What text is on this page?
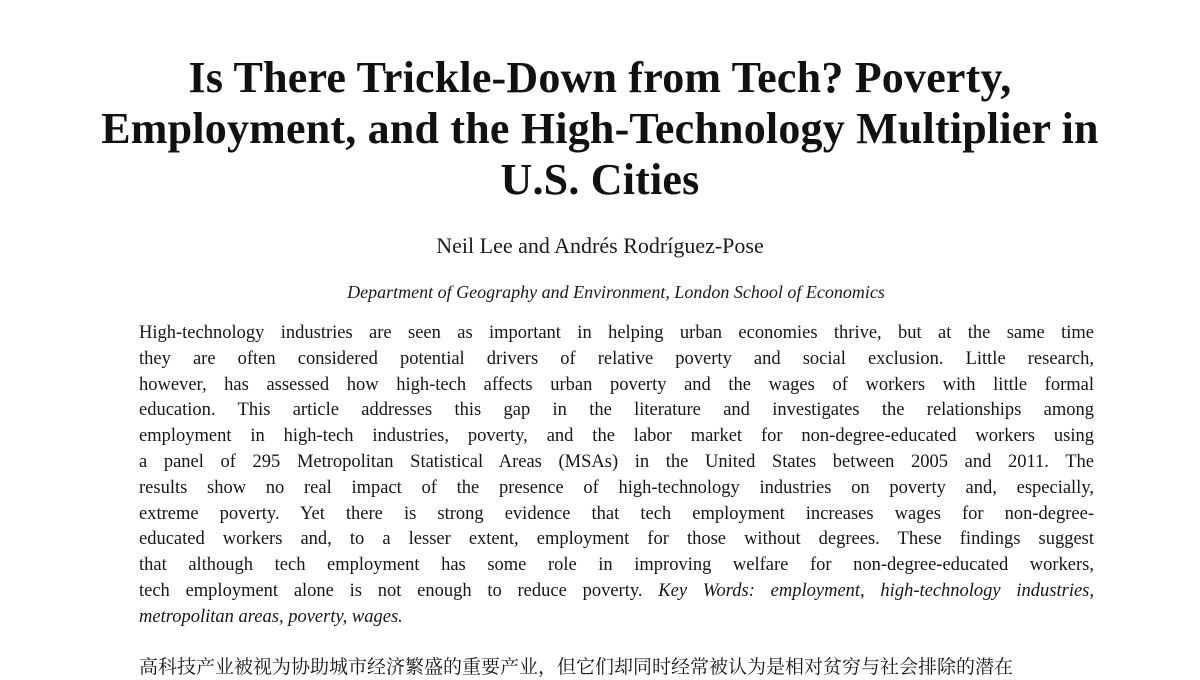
Is There Trickle-Down from Tech? Poverty,
Employment, and the High-Technology Multiplier in
U.S. Cities
Neil Lee and Andrés Rodríguez-Pose
Department of Geography and Environment, London School of Economics
High-technology industries are seen as important in helping urban economies thrive, but at the same time
they are often considered potential drivers of relative poverty and social exclusion. Little research,
however, has assessed how high-tech affects urban poverty and the wages of workers with little formal
education. This article addresses this gap in the literature and investigates the relationships among
employment in high-tech industries, poverty, and the labor market for non-degree-educated workers using
a panel of 295 Metropolitan Statistical Areas (MSAs) in the United States between 2005 and 2011. The
results show no real impact of the presence of high-technology industries on poverty and, especially,
extreme poverty. Yet there is strong evidence that tech employment increases wages for non-degree-
educated workers and, to a lesser extent, employment for those without degrees. These findings suggest
that although tech employment has some role in improving welfare for non-degree-educated workers,
tech employment alone is not enough to reduce poverty. Key Words: employment, high-technology industries,
metropolitan areas, poverty, wages.
高科技产业被视为协助城市经济繁盛的重要产业，但它们却同时经常被认为是相对贫穷与社会排除的潜在
